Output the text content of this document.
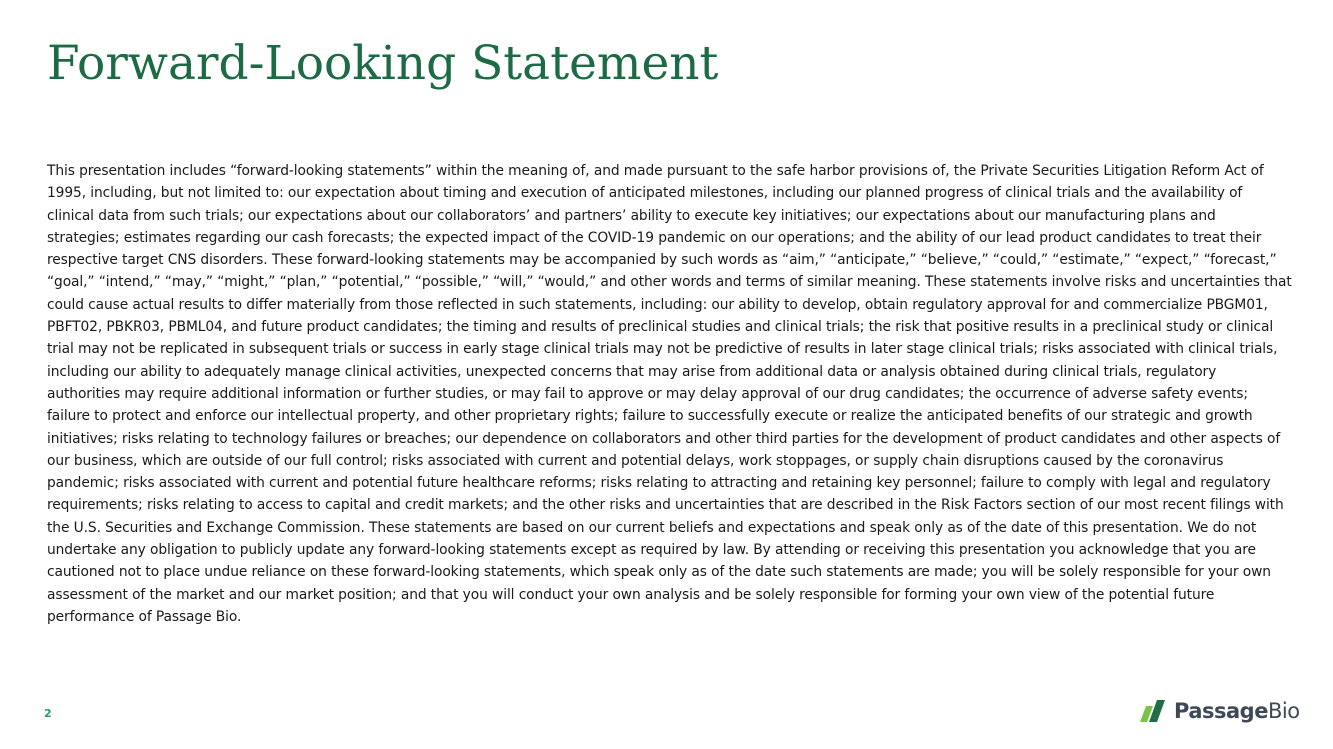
Forward-Looking Statement

This presentation includes “forward-looking statements” within the meaning of, and made pursuant to the safe harbor provisions of, the Private Securities Litigation Reform Act of 1995, including, but not limited to: our expectation about timing and execution of anticipated milestones, including our planned progress of clinical trials and the availability of clinical data from such trials; our expectations about our collaborators’ and partners’ ability to execute key initiatives; our expectations about our manufacturing plans and strategies; estimates regarding our cash forecasts; the expected impact of the COVID-19 pandemic on our operations; and the ability of our lead product candidates to treat their respective target CNS disorders. These forward-looking statements may be accompanied by such words as “aim,” “anticipate,” “believe,” “could,” “estimate,” “expect,” “forecast,” “goal,” “intend,” “may,” “might,” “plan,” “potential,” “possible,” “will,” “would,” and other words and terms of similar meaning. These statements involve risks and uncertainties that could cause actual results to differ materially from those reflected in such statements, including: our ability to develop, obtain regulatory approval for and commercialize PBGM01, PBFT02, PBKR03, PBML04, and future product candidates; the timing and results of preclinical studies and clinical trials; the risk that positive results in a preclinical study or clinical trial may not be replicated in subsequent trials or success in early stage clinical trials may not be predictive of results in later stage clinical trials; risks associated with clinical trials, including our ability to adequately manage clinical activities, unexpected concerns that may arise from additional data or analysis obtained during clinical trials, regulatory authorities may require additional information or further studies, or may fail to approve or may delay approval of our drug candidates; the occurrence of adverse safety events; failure to protect and enforce our intellectual property, and other proprietary rights; failure to successfully execute or realize the anticipated benefits of our strategic and growth initiatives; risks relating to technology failures or breaches; our dependence on collaborators and other third parties for the development of product candidates and other aspects of our business, which are outside of our full control; risks associated with current and potential delays, work stoppages, or supply chain disruptions caused by the coronavirus pandemic; risks associated with current and potential future healthcare reforms; risks relating to attracting and retaining key personnel; failure to comply with legal and regulatory requirements; risks relating to access to capital and credit markets; and the other risks and uncertainties that are described in the Risk Factors section of our most recent filings with the U.S. Securities and Exchange Commission. These statements are based on our current beliefs and expectations and speak only as of the date of this presentation. We do not undertake any obligation to publicly update any forward-looking statements except as required by law. By attending or receiving this presentation you acknowledge that you are cautioned not to place undue reliance on these forward-looking statements, which speak only as of the date such statements are made; you will be solely responsible for your own assessment of the market and our market position; and that you will conduct your own analysis and be solely responsible for forming your own view of the potential future performance of Passage Bio.

2	PassageBio
